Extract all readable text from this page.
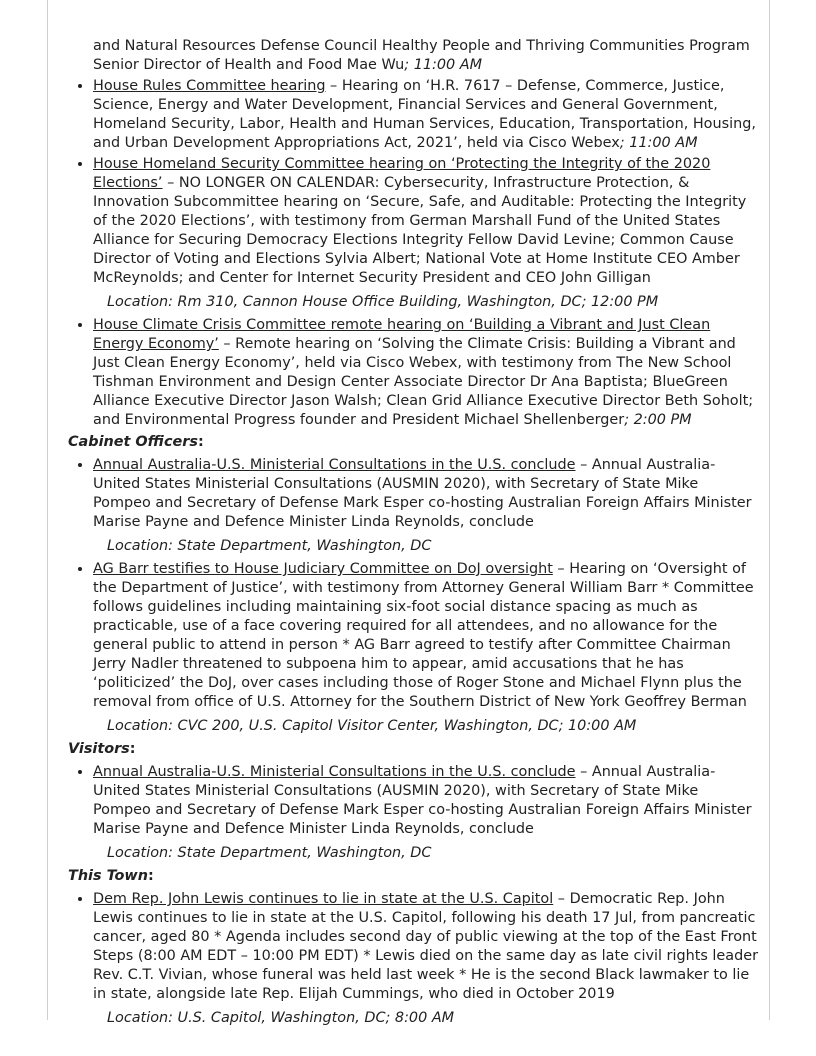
and Natural Resources Defense Council Healthy People and Thriving Communities Program Senior Director of Health and Food Mae Wu; 11:00 AM
• House Rules Committee hearing – Hearing on ‘H.R. 7617 – Defense, Commerce, Justice, Science, Energy and Water Development, Financial Services and General Government, Homeland Security, Labor, Health and Human Services, Education, Transportation, Housing, and Urban Development Appropriations Act, 2021’, held via Cisco Webex; 11:00 AM
• House Homeland Security Committee hearing on ‘Protecting the Integrity of the 2020 Elections’ – NO LONGER ON CALENDAR: Cybersecurity, Infrastructure Protection, & Innovation Subcommittee hearing on ‘Secure, Safe, and Auditable: Protecting the Integrity of the 2020 Elections’, with testimony from German Marshall Fund of the United States Alliance for Securing Democracy Elections Integrity Fellow David Levine; Common Cause Director of Voting and Elections Sylvia Albert; National Vote at Home Institute CEO Amber McReynolds; and Center for Internet Security President and CEO John Gilligan
Location: Rm 310, Cannon House Office Building, Washington, DC; 12:00 PM
• House Climate Crisis Committee remote hearing on ‘Building a Vibrant and Just Clean Energy Economy’ – Remote hearing on ‘Solving the Climate Crisis: Building a Vibrant and Just Clean Energy Economy’, held via Cisco Webex, with testimony from The New School Tishman Environment and Design Center Associate Director Dr Ana Baptista; BlueGreen Alliance Executive Director Jason Walsh; Clean Grid Alliance Executive Director Beth Soholt; and Environmental Progress founder and President Michael Shellenberger; 2:00 PM
Cabinet Officers:
• Annual Australia-U.S. Ministerial Consultations in the U.S. conclude – Annual Australia-United States Ministerial Consultations (AUSMIN 2020), with Secretary of State Mike Pompeo and Secretary of Defense Mark Esper co-hosting Australian Foreign Affairs Minister Marise Payne and Defence Minister Linda Reynolds, conclude
Location: State Department, Washington, DC
• AG Barr testifies to House Judiciary Committee on DoJ oversight – Hearing on ‘Oversight of the Department of Justice’, with testimony from Attorney General William Barr * Committee follows guidelines including maintaining six-foot social distance spacing as much as practicable, use of a face covering required for all attendees, and no allowance for the general public to attend in person * AG Barr agreed to testify after Committee Chairman Jerry Nadler threatened to subpoena him to appear, amid accusations that he has ‘politicized’ the DoJ, over cases including those of Roger Stone and Michael Flynn plus the removal from office of U.S. Attorney for the Southern District of New York Geoffrey Berman
Location: CVC 200, U.S. Capitol Visitor Center, Washington, DC; 10:00 AM
Visitors:
• Annual Australia-U.S. Ministerial Consultations in the U.S. conclude – Annual Australia-United States Ministerial Consultations (AUSMIN 2020), with Secretary of State Mike Pompeo and Secretary of Defense Mark Esper co-hosting Australian Foreign Affairs Minister Marise Payne and Defence Minister Linda Reynolds, conclude
Location: State Department, Washington, DC
This Town:
• Dem Rep. John Lewis continues to lie in state at the U.S. Capitol – Democratic Rep. John Lewis continues to lie in state at the U.S. Capitol, following his death 17 Jul, from pancreatic cancer, aged 80 * Agenda includes second day of public viewing at the top of the East Front Steps (8:00 AM EDT – 10:00 PM EDT) * Lewis died on the same day as late civil rights leader Rev. C.T. Vivian, whose funeral was held last week * He is the second Black lawmaker to lie in state, alongside late Rep. Elijah Cummings, who died in October 2019
Location: U.S. Capitol, Washington, DC; 8:00 AM
